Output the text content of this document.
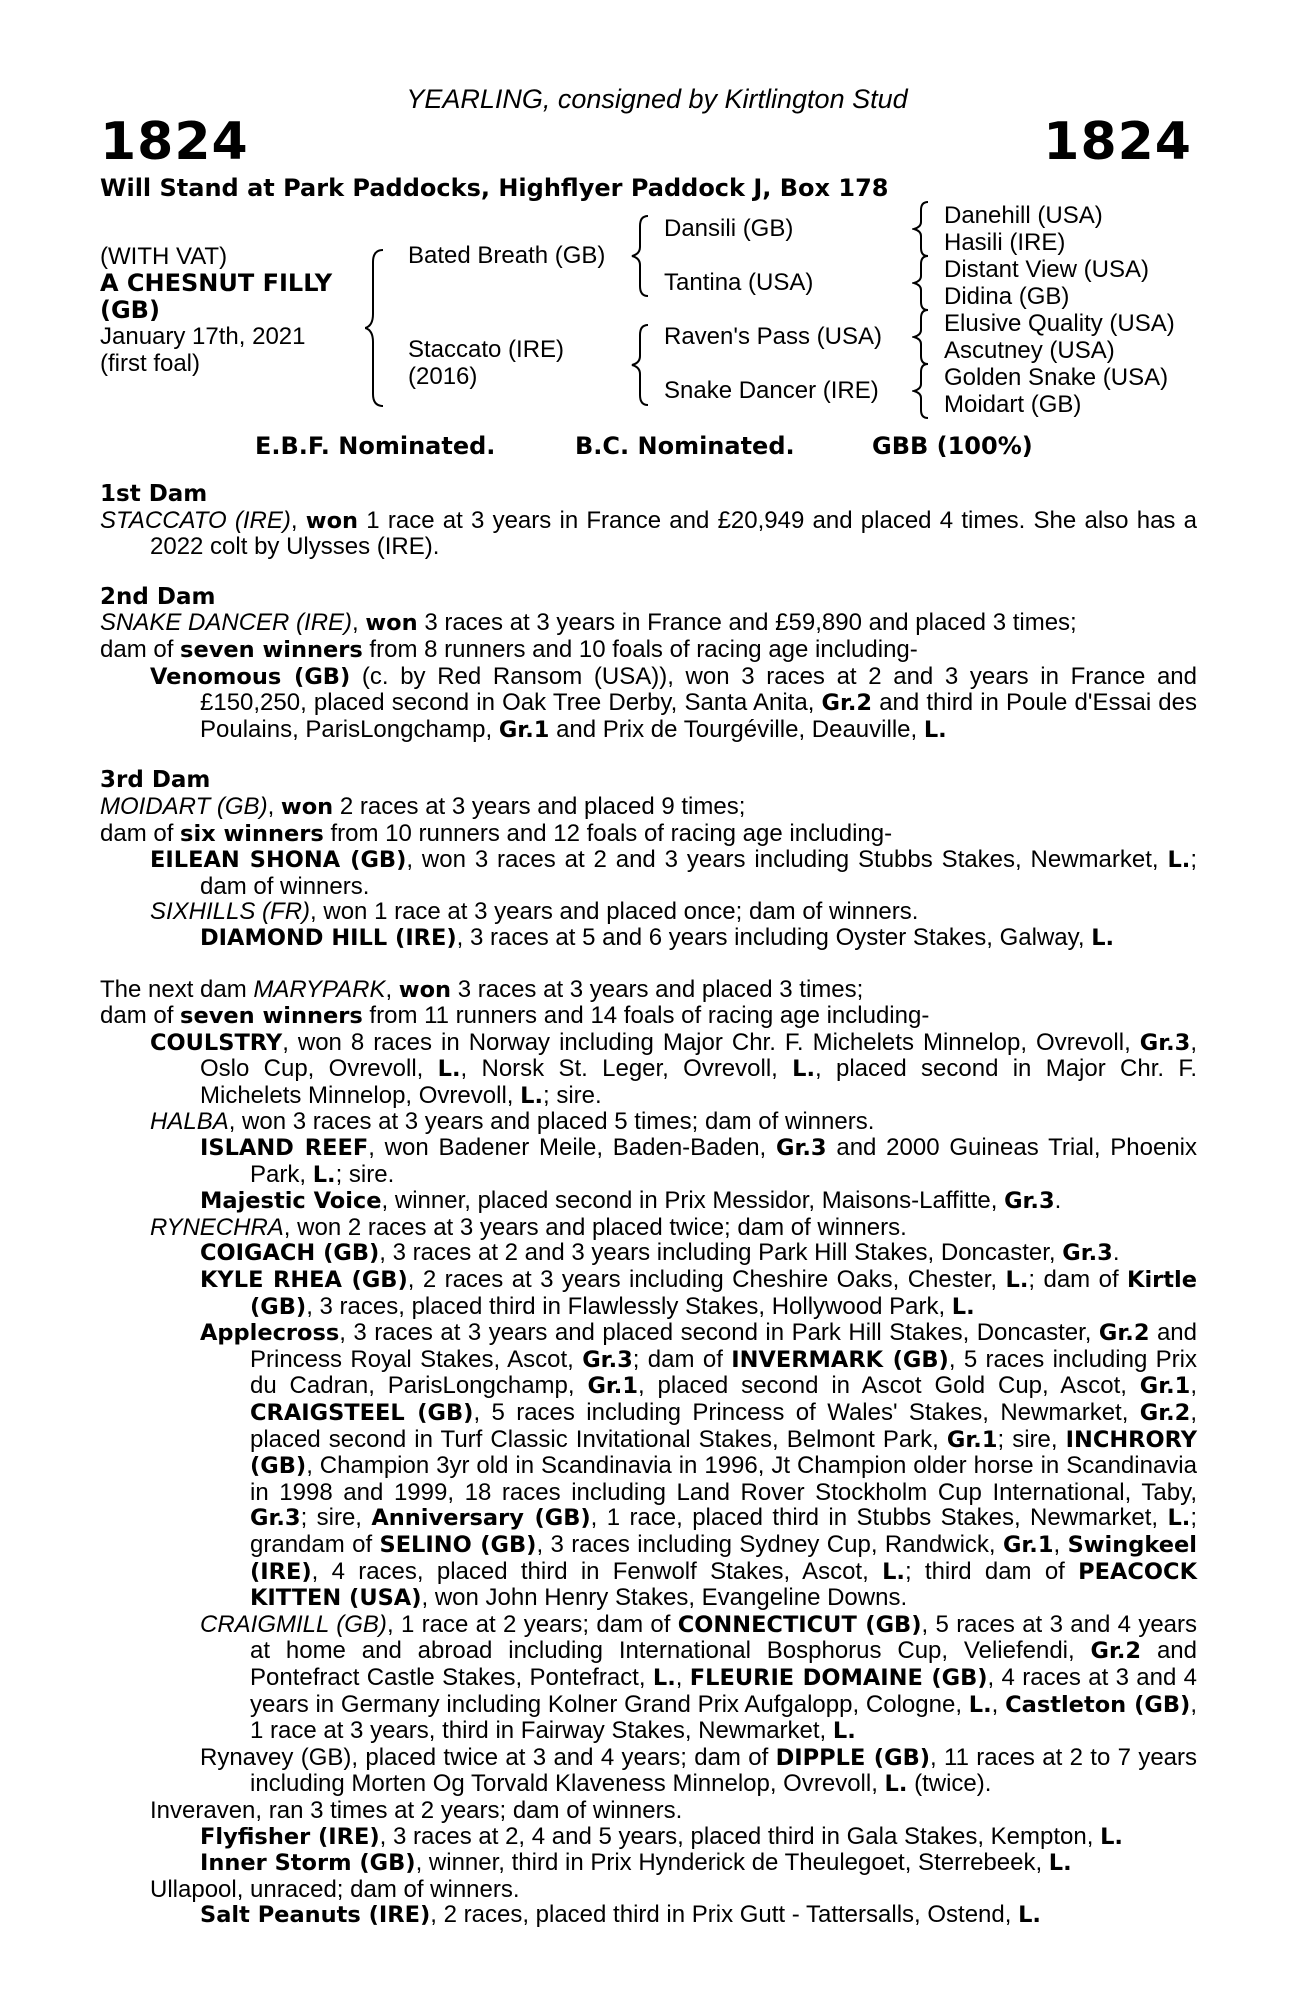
YEARLING, consigned by Kirtlington Stud
1824	1824
Will Stand at Park Paddocks, Highflyer Paddock J, Box 178
(WITH VAT)
A CHESNUT FILLY
(GB)
January 17th, 2021
(first foal)
Bated Breath (GB)
Staccato (IRE)
(2016)
Dansili (GB)
Tantina (USA)
Raven's Pass (USA)
Snake Dancer (IRE)
Danehill (USA)
Hasili (IRE)
Distant View (USA)
Didina (GB)
Elusive Quality (USA)
Ascutney (USA)
Golden Snake (USA)
Moidart (GB)
E.B.F. Nominated.	B.C. Nominated.	GBB (100%)

1st Dam

STACCATO (IRE), won 1 race at 3 years in France and £20,949 and placed 4 times. She also has a 2022 colt by Ulysses (IRE).

2nd Dam

SNAKE DANCER (IRE), won 3 races at 3 years in France and £59,890 and placed 3 times;

dam of seven winners from 8 runners and 10 foals of racing age including-

Venomous (GB) (c. by Red Ransom (USA)), won 3 races at 2 and 3 years in France and £150,250, placed second in Oak Tree Derby, Santa Anita, Gr.2 and third in Poule d'Essai des Poulains, ParisLongchamp, Gr.1 and Prix de Tourgéville, Deauville, L.

3rd Dam

MOIDART (GB), won 2 races at 3 years and placed 9 times;

dam of six winners from 10 runners and 12 foals of racing age including-

EILEAN SHONA (GB), won 3 races at 2 and 3 years including Stubbs Stakes, Newmarket, L.; dam of winners.

SIXHILLS (FR), won 1 race at 3 years and placed once; dam of winners.

DIAMOND HILL (IRE), 3 races at 5 and 6 years including Oyster Stakes, Galway, L.

The next dam MARYPARK, won 3 races at 3 years and placed 3 times;

dam of seven winners from 11 runners and 14 foals of racing age including-

COULSTRY, won 8 races in Norway including Major Chr. F. Michelets Minnelop, Ovrevoll, Gr.3, Oslo Cup, Ovrevoll, L., Norsk St. Leger, Ovrevoll, L., placed second in Major Chr. F. Michelets Minnelop, Ovrevoll, L.; sire.

HALBA, won 3 races at 3 years and placed 5 times; dam of winners.

ISLAND REEF, won Badener Meile, Baden-Baden, Gr.3 and 2000 Guineas Trial, Phoenix Park, L.; sire.

Majestic Voice, winner, placed second in Prix Messidor, Maisons-Laffitte, Gr.3.

RYNECHRA, won 2 races at 3 years and placed twice; dam of winners.

COIGACH (GB), 3 races at 2 and 3 years including Park Hill Stakes, Doncaster, Gr.3.

KYLE RHEA (GB), 2 races at 3 years including Cheshire Oaks, Chester, L.; dam of Kirtle (GB), 3 races, placed third in Flawlessly Stakes, Hollywood Park, L.

Applecross, 3 races at 3 years and placed second in Park Hill Stakes, Doncaster, Gr.2 and Princess Royal Stakes, Ascot, Gr.3; dam of INVERMARK (GB), 5 races including Prix du Cadran, ParisLongchamp, Gr.1, placed second in Ascot Gold Cup, Ascot, Gr.1, CRAIGSTEEL (GB), 5 races including Princess of Wales' Stakes, Newmarket, Gr.2, placed second in Turf Classic Invitational Stakes, Belmont Park, Gr.1; sire, INCHRORY (GB), Champion 3yr old in Scandinavia in 1996, Jt Champion older horse in Scandinavia in 1998 and 1999, 18 races including Land Rover Stockholm Cup International, Taby, Gr.3; sire, Anniversary (GB), 1 race, placed third in Stubbs Stakes, Newmarket, L.; grandam of SELINO (GB), 3 races including Sydney Cup, Randwick, Gr.1, Swingkeel (IRE), 4 races, placed third in Fenwolf Stakes, Ascot, L.; third dam of PEACOCK KITTEN (USA), won John Henry Stakes, Evangeline Downs.

CRAIGMILL (GB), 1 race at 2 years; dam of CONNECTICUT (GB), 5 races at 3 and 4 years at home and abroad including International Bosphorus Cup, Veliefendi, Gr.2 and Pontefract Castle Stakes, Pontefract, L., FLEURIE DOMAINE (GB), 4 races at 3 and 4 years in Germany including Kolner Grand Prix Aufgalopp, Cologne, L., Castleton (GB), 1 race at 3 years, third in Fairway Stakes, Newmarket, L.

Rynavey (GB), placed twice at 3 and 4 years; dam of DIPPLE (GB), 11 races at 2 to 7 years including Morten Og Torvald Klaveness Minnelop, Ovrevoll, L. (twice).

Inveraven, ran 3 times at 2 years; dam of winners.

Flyfisher (IRE), 3 races at 2, 4 and 5 years, placed third in Gala Stakes, Kempton, L.

Inner Storm (GB), winner, third in Prix Hynderick de Theulegoet, Sterrebeek, L.

Ullapool, unraced; dam of winners.

Salt Peanuts (IRE), 2 races, placed third in Prix Gutt - Tattersalls, Ostend, L.
